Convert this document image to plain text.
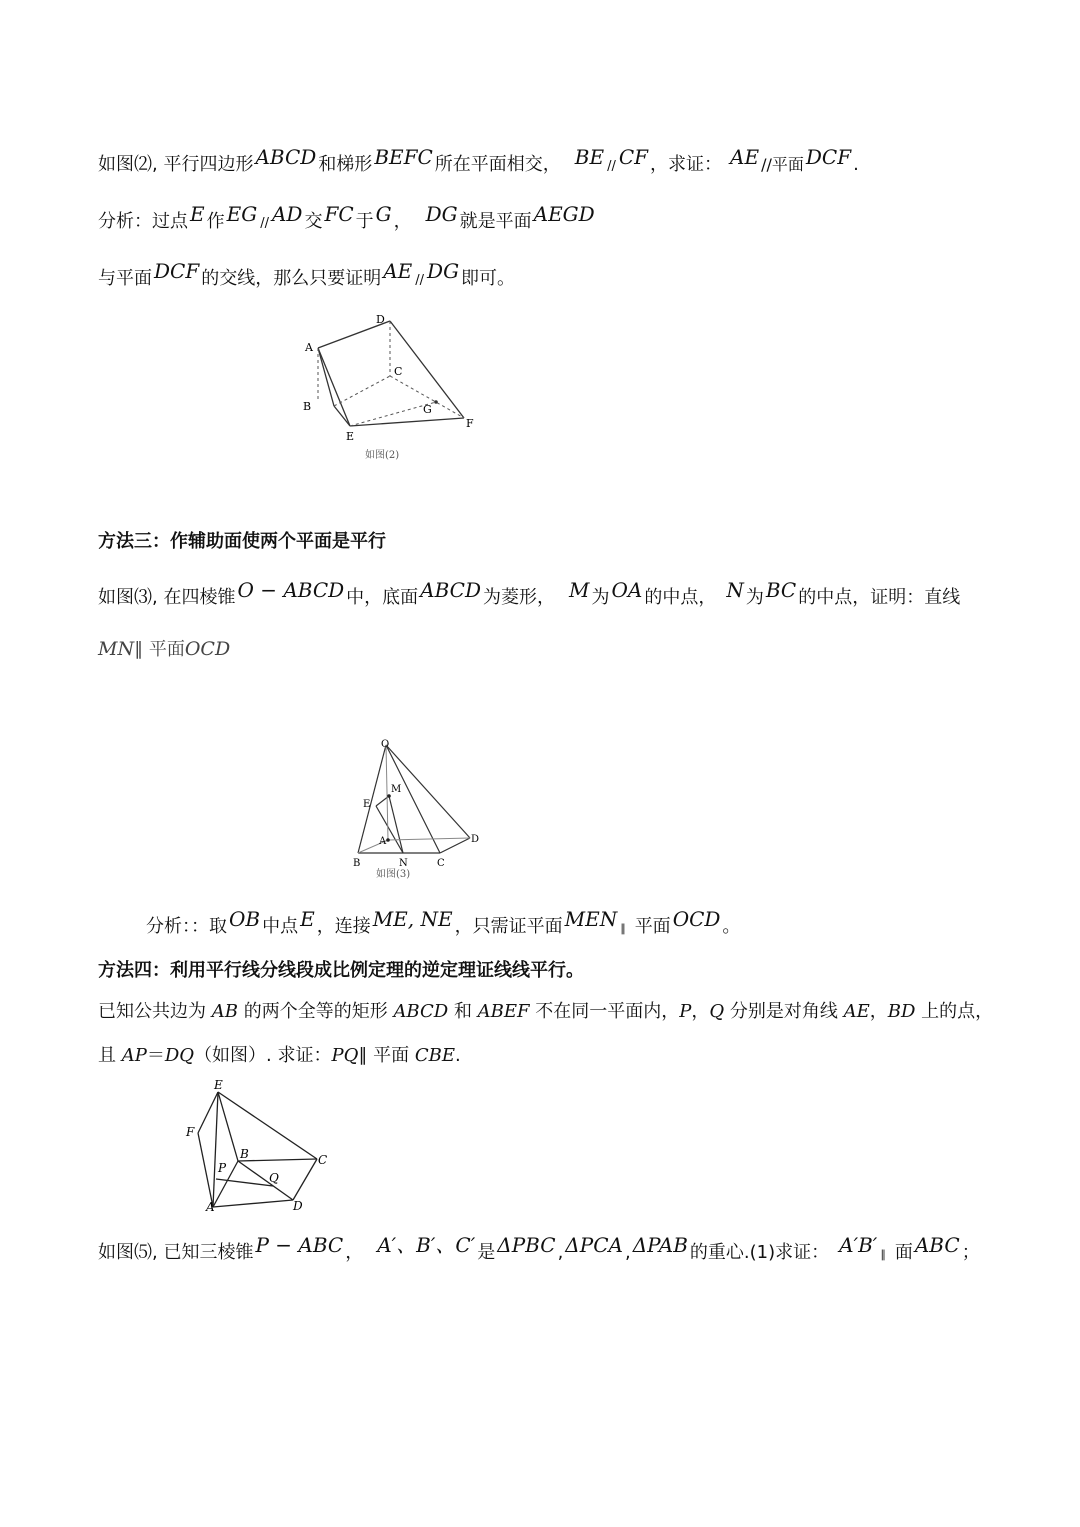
如图⑵, 平行四边形 ABCD 和梯形 BEFC 所在平面相交， BE // CF ，求证： AE //平面 DCF .
分析：过点 E 作 EG // AD 交 FC 于 G ， DG 就是平面 AEGD
与平面 DCF 的交线，那么只要证明 AE // DG 即可。
A
D
C
B	G
E
F
如图(2)
方法三：作辅助面使两个平面是平行
如图⑶, 在四棱锥 O − ABCD 中，底面 ABCD 为菱形， M 为 OA 的中点， N 为 BC 的中点，证明：直线
MN∥ 平面OCD
O
M
E
A	D
B	N	C
如图(3)
分析：：取 OB 中点 E ，连接 ME, NE ，只需证平面 MEN ∥ 平面 OCD 。
方法四：利用平行线分线段成比例定理的逆定理证线线平行。
已知公共边为 AB 的两个全等的矩形 ABCD 和 ABEF 不在同一平面内，P，Q 分别是对角线 AE，BD 上的点，
且 AP＝DQ（如图）. 求证：PQ∥ 平面 CBE.
E
F
B	C
P
Q
A	D
如图⑸, 已知三棱锥 P − ABC ， A′、B′、C′ 是 ΔPBC , ΔPCA , ΔPAB 的重心.(1)求证： A′B′ ∥ 面 ABC ；
